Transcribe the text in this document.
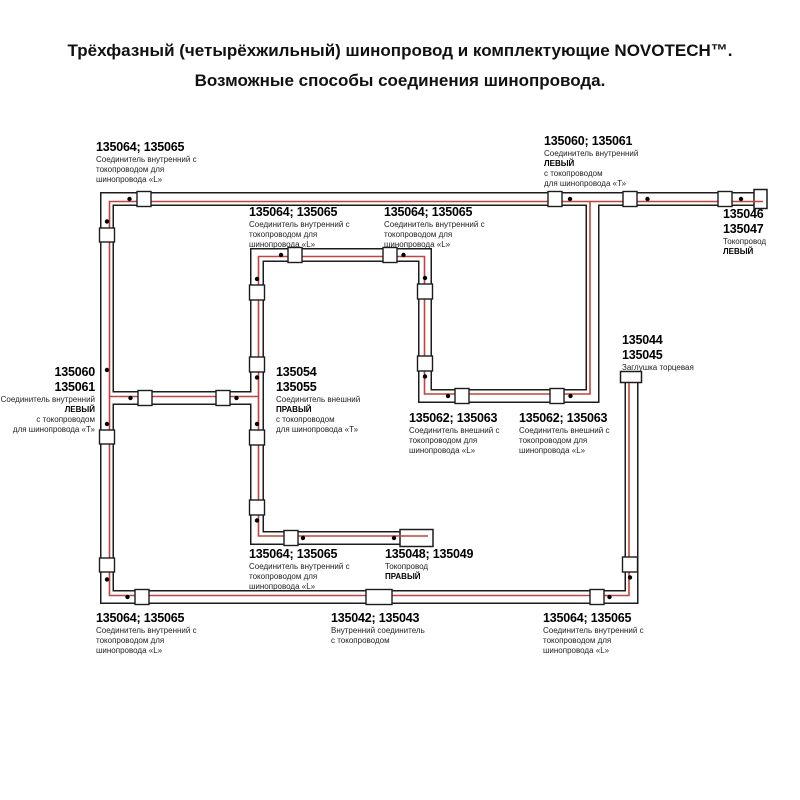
Трёхфазный (четырёхжильный) шинопровод и комплектующие NOVOTECH™.
Возможные способы соединения шинопровода.
135064; 135065
Соединитель внутренний с
токопроводом для
шинопровода «L»
135060; 135061
Соединитель внутренний
ЛЕВЫЙ
с токопроводом
для шинопровода «Т»
135046
135047
Токопровод
ЛЕВЫЙ
135064; 135065
Соединитель внутренний с
токопроводом для
шинопровода «L»
135064; 135065
Соединитель внутренний с
токопроводом для
шинопровода «L»
135060
135061
Соединитель внутренний
ЛЕВЫЙ
с токопроводом
для шинопровода «Т»
135054
135055
Соединитель внешний
ПРАВЫЙ
с токопроводом
для шинопровода «Т»
135044
135045
Заглушка торцевая
135062; 135063
Соединитель внешний с
токопроводом для
шинопровода «L»
135062; 135063
Соединитель внешний с
токопроводом для
шинопровода «L»
135064; 135065
Соединитель внутренний с
токопроводом для
шинопровода «L»
135048; 135049
Токопровод
ПРАВЫЙ
135064; 135065
Соединитель внутренний с
токопроводом для
шинопровода «L»
135042; 135043
Внутренний соединитель
с токопроводом
135064; 135065
Соединитель внутренний с
токопроводом для
шинопровода «L»
